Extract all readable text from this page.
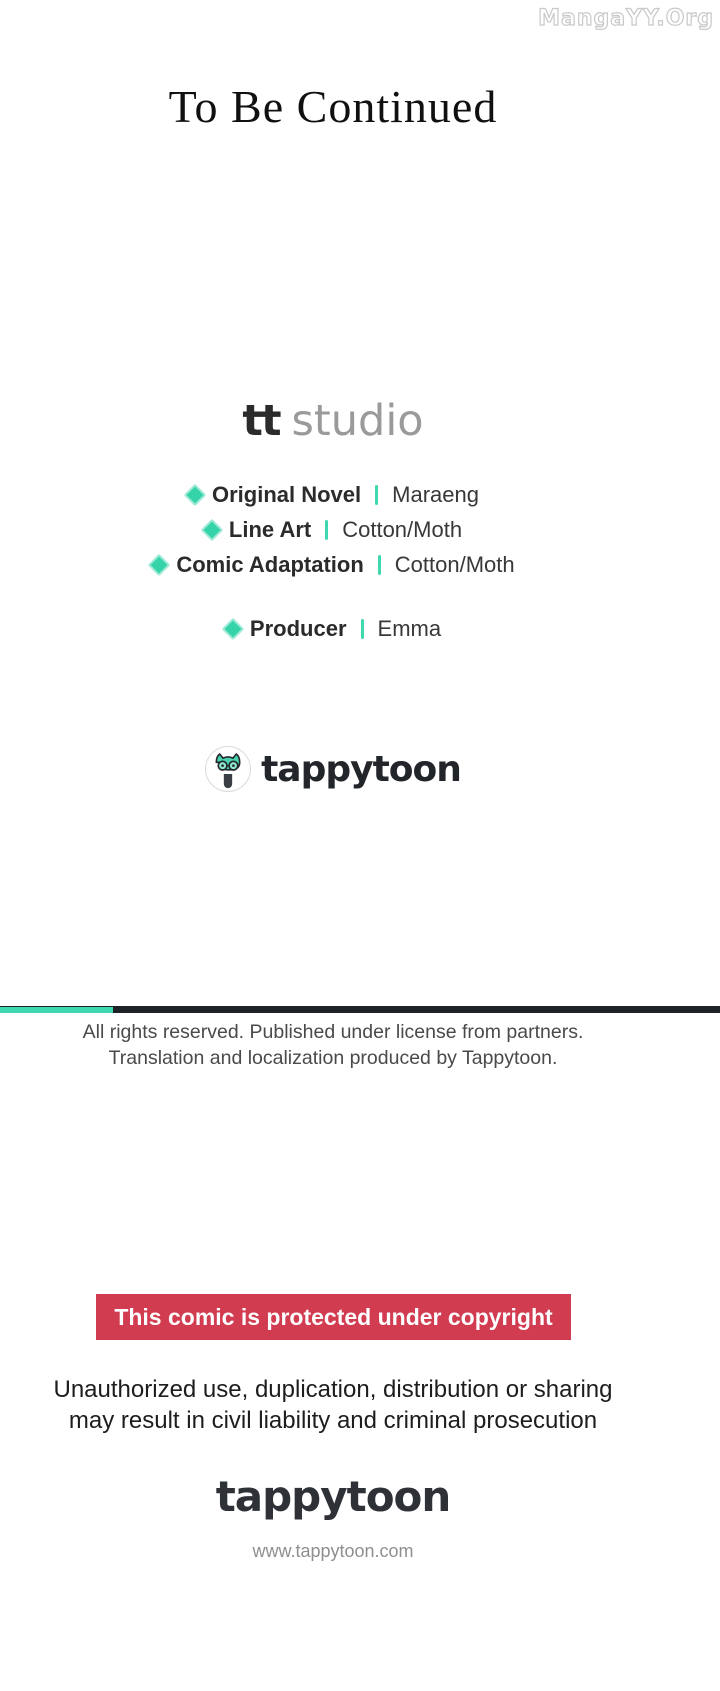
MangaYY.Org
To Be Continued
tt studio
Original Novel Maraeng
Line Art Cotton/Moth
Comic Adaptation Cotton/Moth
Producer Emma
tappytoon
All rights reserved. Published under license from partners.
Translation and localization produced by Tappytoon.
This comic is protected under copyright law
Unauthorized use, duplication, distribution or sharing
may result in civil liability and criminal prosecution
tappytoon
www.tappytoon.com
